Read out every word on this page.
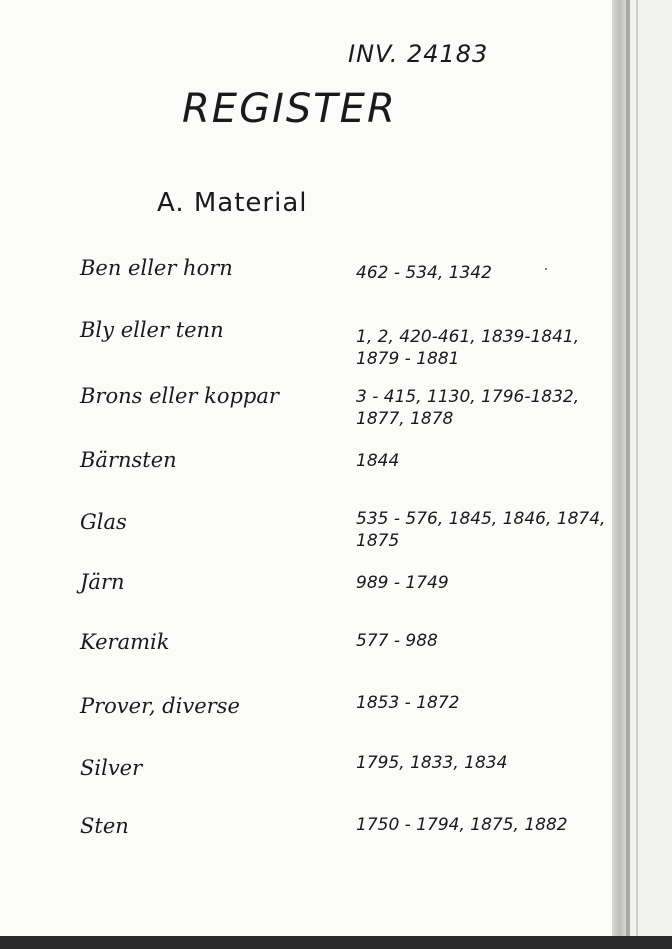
INV. 24183
REGISTER
A. Material
Ben eller horn	462 - 534, 1342
Bly eller tenn	1, 2, 420-461, 1839-1841, 1879 - 1881
Brons eller koppar	3 - 415, 1130, 1796-1832, 1877, 1878
Bärnsten	1844
Glas	535 - 576, 1845, 1846, 1874, 1875
Järn	989 - 1749
Keramik	577 - 988
Prover, diverse	1853 - 1872
Silver	1795, 1833, 1834
Sten	1750 - 1794, 1875, 1882
